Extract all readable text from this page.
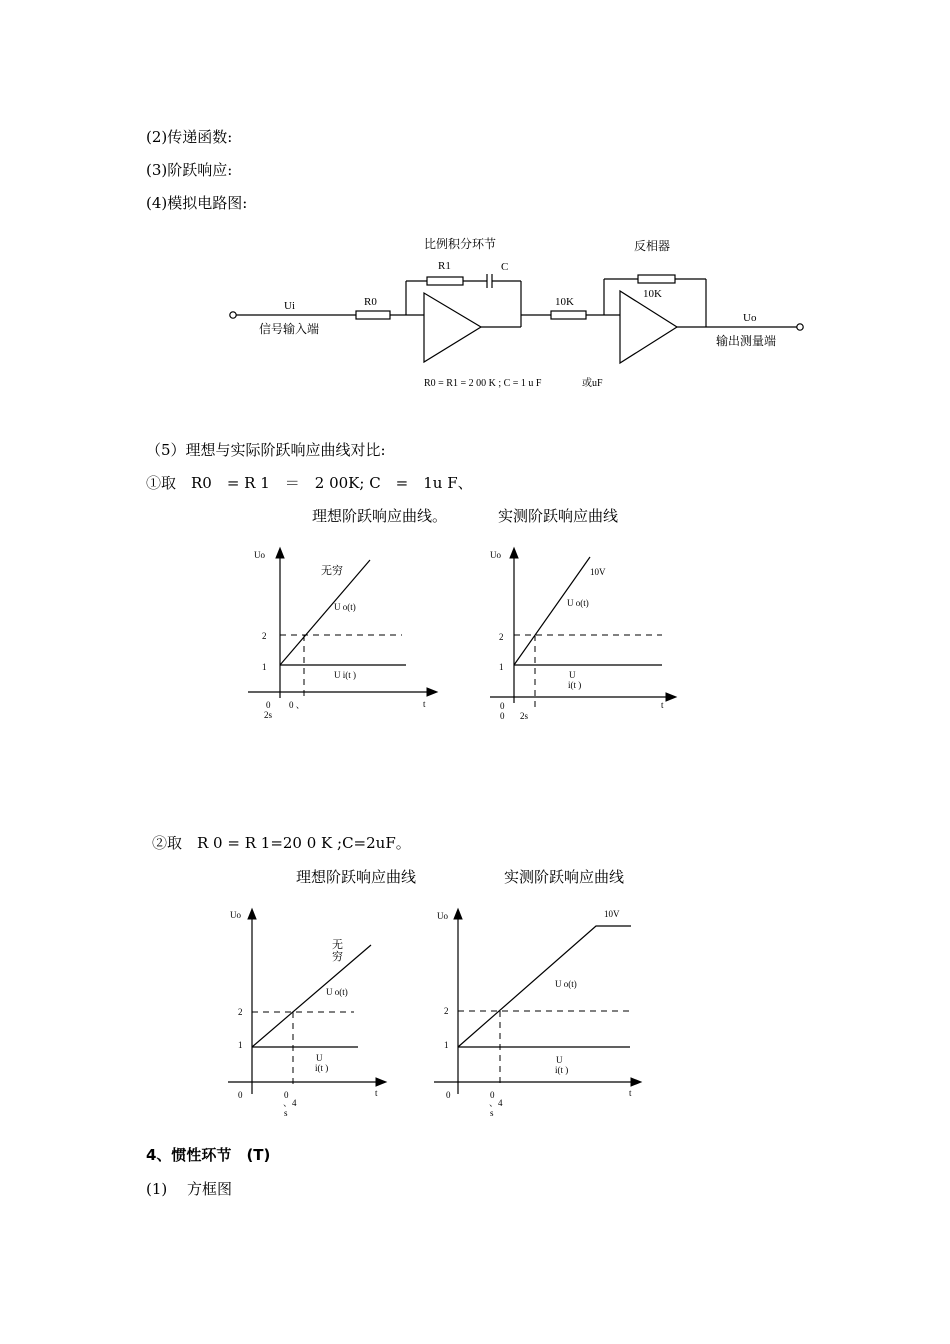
(2)传递函数:
(3)阶跃响应:
(4)模拟电路图:
（5）理想与实际阶跃响应曲线对比:
①取　R0　= R 1　＝　2 00K; C　=　1u F、
理想阶跃响应曲线。	实测阶跃响应曲线
②取　R 0 = R 1=20 0 K ;C=2uF。
理想阶跃响应曲线	实测阶跃响应曲线
4、惯性环节　(T)
(1)　 方框图
比例积分环节	反相器
R1	C
R0
Ui
信号输入端
10K
10K
Uo
输出测量端
R0 = R1 = 2 00 K ; C = 1 u F	或uF
Uo
2
1
0
2s
0 、	t
无穷
U o(t)
U i(t )
Uo
2
1
0
0 2s
t
10V
U o(t)
U
i(t )
Uo
2
1
0	0
、4
s
t
无
穷
U o(t)
U
i(t )
Uo
2
1
0	0
、4
s
t
10V
U o(t)
U
i(t )
